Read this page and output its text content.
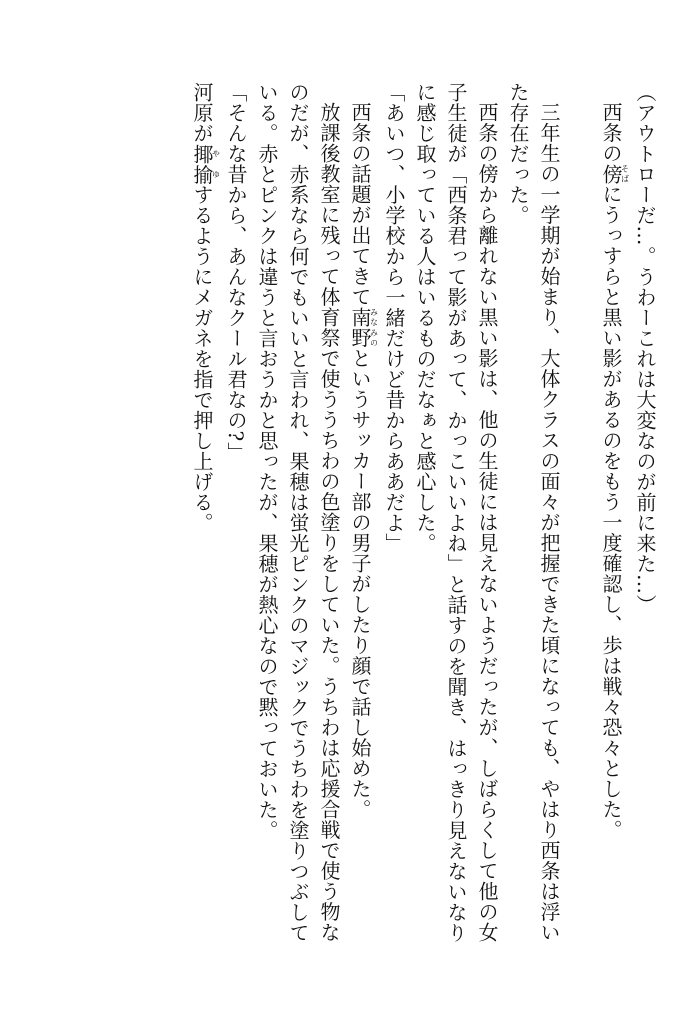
（アウトローだ…。うわーこれは大変なのが前に来た…）

西条の傍そばにうっすらと黒い影があるのをもう一度確認し、歩は戦々恐々とした。

三年生の一学期が始まり、大体クラスの面々が把握できた頃になっても、やはり西条は浮いた存在だった。

西条の傍から離れない黒い影は、他の生徒には見えないようだったが、しばらくして他の女子生徒が「西条君って影があって、かっこいいよね」と話すのを聞き、はっきり見えないなりに感じ取っている人はいるものだなぁと感心した。

「あいつ、小学校から一緒だけど昔からああだよ」

西条の話題が出てきて南野みなみのというサッカー部の男子がしたり顔で話し始めた。

放課後教室に残って体育祭で使ううちわの色塗りをしていた。うちわは応援合戦で使う物なのだが、赤系なら何でもいいと言われ、果穂は蛍光ピンクのマジックでうちわを塗りつぶしている。赤とピンクは違うと言おうかと思ったが、果穂が熱心なので黙っておいた。

「そんな昔から、あんなクール君なの?」

河原が揶揄やゆするようにメガネを指で押し上げる。
